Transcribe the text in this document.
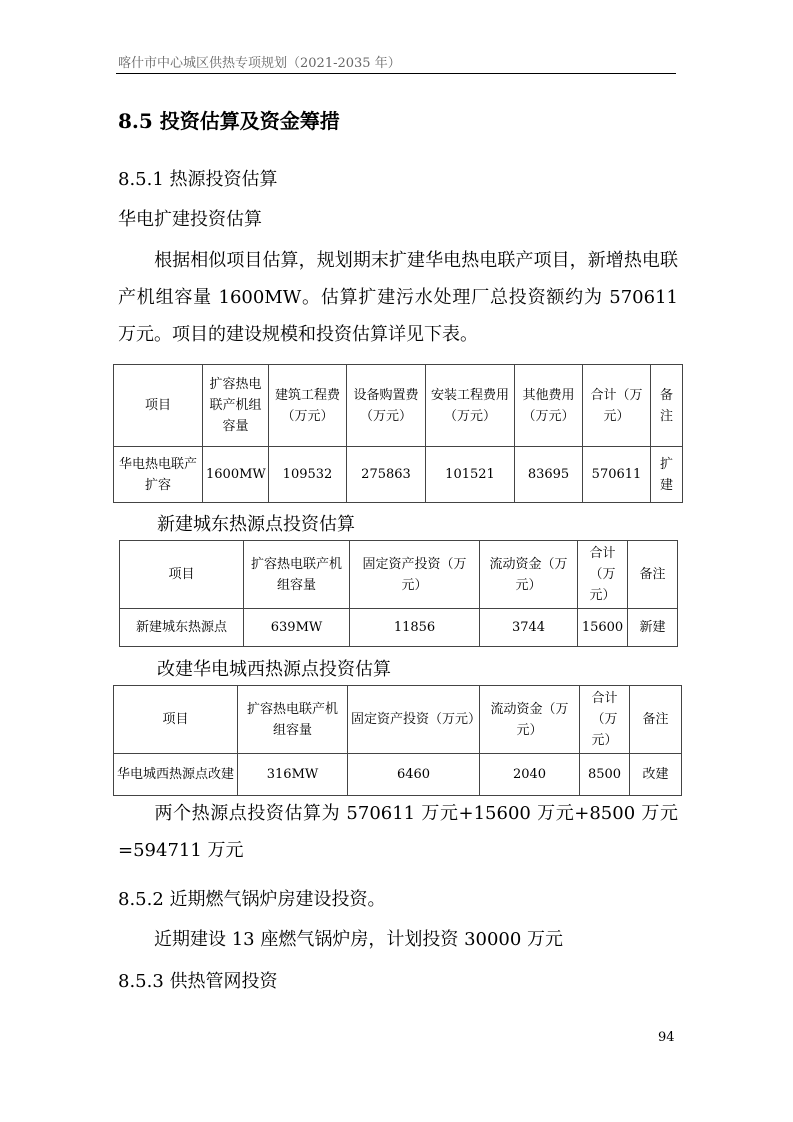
喀什市中心城区供热专项规划（2021-2035 年）
8.5 投资估算及资金筹措
8.5.1 热源投资估算
华电扩建投资估算
根据相似项目估算，规划期末扩建华电热电联产项目，新增热电联产机组容量 1600MW。估算扩建污水处理厂总投资额约为 570611 万元。项目的建设规模和投资估算详见下表。
项目	扩容热电联产机组容量	建筑工程费（万元）	设备购置费（万元）	安装工程费用（万元）	其他费用（万元）	合计（万元）	备注
华电热电联产扩容	1600MW	109532	275863	101521	83695	570611	扩建
新建城东热源点投资估算
项目	扩容热电联产机组容量	固定资产投资（万元）	流动资金（万元）	合计（万元）	备注
新建城东热源点	639MW	11856	3744	15600	新建
改建华电城西热源点投资估算
项目	扩容热电联产机组容量	固定资产投资（万元）	流动资金（万元）	合计（万元）	备注
华电城西热源点改建	316MW	6460	2040	8500	改建
两个热源点投资估算为 570611 万元+15600 万元+8500 万元=594711 万元
8.5.2 近期燃气锅炉房建设投资。
近期建设 13 座燃气锅炉房，计划投资 30000 万元
8.5.3 供热管网投资
94
